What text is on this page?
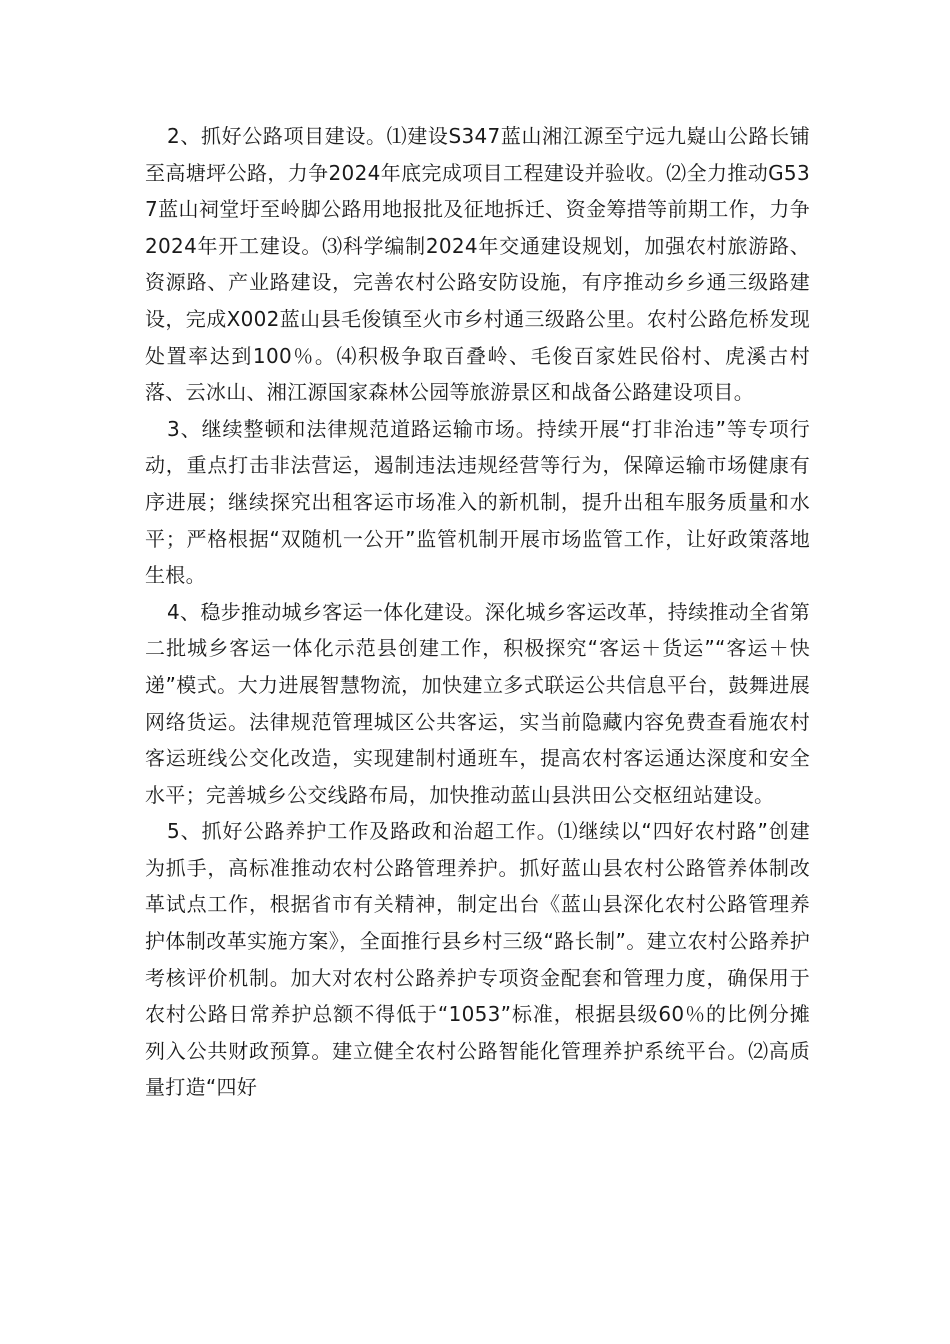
2、抓好公路项目建设。⑴建设S347蓝山湘江源至宁远九嶷山公路长铺至高塘坪公路，力争2024年底完成项目工程建设并验收。⑵全力推动G537蓝山祠堂圩至岭脚公路用地报批及征地拆迁、资金筹措等前期工作，力争2024年开工建设。⑶科学编制2024年交通建设规划，加强农村旅游路、资源路、产业路建设，完善农村公路安防设施，有序推动乡乡通三级路建设，完成X002蓝山县毛俊镇至火市乡村通三级路公里。农村公路危桥发现处置率达到100％。⑷积极争取百叠岭、毛俊百家姓民俗村、虎溪古村落、云冰山、湘江源国家森林公园等旅游景区和战备公路建设项目。

3、继续整顿和法律规范道路运输市场。持续开展“打非治违”等专项行动，重点打击非法营运，遏制违法违规经营等行为，保障运输市场健康有序进展；继续探究出租客运市场准入的新机制，提升出租车服务质量和水平；严格根据“双随机一公开”监管机制开展市场监管工作，让好政策落地生根。

4、稳步推动城乡客运一体化建设。深化城乡客运改革，持续推动全省第二批城乡客运一体化示范县创建工作，积极探究“客运＋货运”“客运＋快递”模式。大力进展智慧物流，加快建立多式联运公共信息平台，鼓舞进展网络货运。法律规范管理城区公共客运，实当前隐藏内容免费查看施农村客运班线公交化改造，实现建制村通班车，提高农村客运通达深度和安全水平；完善城乡公交线路布局，加快推动蓝山县洪田公交枢纽站建设。

5、抓好公路养护工作及路政和治超工作。⑴继续以“四好农村路”创建为抓手，高标准推动农村公路管理养护。抓好蓝山县农村公路管养体制改革试点工作，根据省市有关精神，制定出台《蓝山县深化农村公路管理养护体制改革实施方案》，全面推行县乡村三级“路长制”。建立农村公路养护考核评价机制。加大对农村公路养护专项资金配套和管理力度，确保用于农村公路日常养护总额不得低于“1053”标准，根据县级60％的比例分摊列入公共财政预算。建立健全农村公路智能化管理养护系统平台。⑵高质量打造“四好
